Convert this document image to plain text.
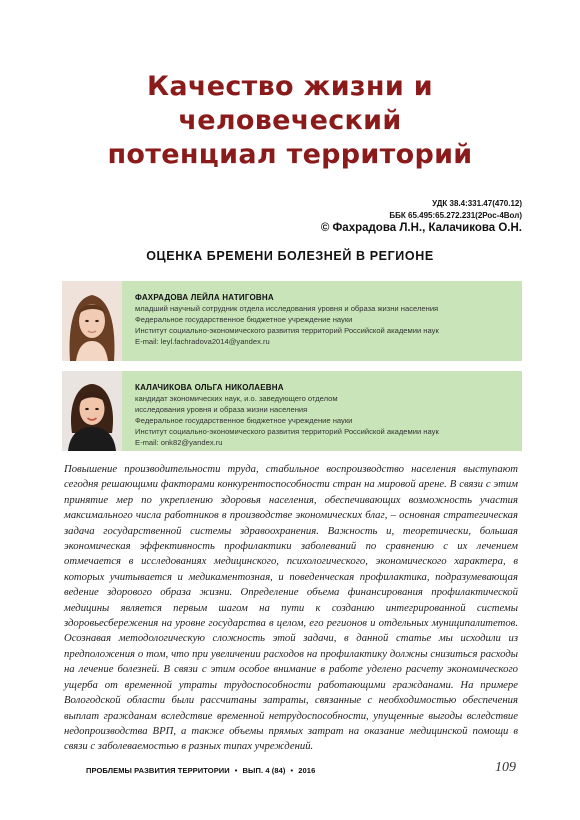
Качество жизни и человеческий
потенциал территорий
УДК 38.4:331.47(470.12)
ББК 65.495:65.272.231(2Рос-4Вол)
© Фахрадова Л.Н., Калачикова О.Н.
ОЦЕНКА БРЕМЕНИ БОЛЕЗНЕЙ В РЕГИОНЕ
ФАХРАДОВА ЛЕЙЛА НАТИГОВНА
младший научный сотрудник отдела исследования уровня и образа жизни населения
Федеральное государственное бюджетное учреждение науки
Институт социально-экономического развития территорий Российской академии наук
E-mail: leyl.fachradova2014@yandex.ru
КАЛАЧИКОВА ОЛЬГА НИКОЛАЕВНА
кандидат экономических наук, и.о. заведующего отделом
исследования уровня и образа жизни населения
Федеральное государственное бюджетное учреждение науки
Институт социально-экономического развития территорий Российской академии наук
E-mail: onk82@yandex.ru
Повышение производительности труда, стабильное воспроизводство населения выступают сегодня решающими факторами конкурентоспособности стран на мировой арене. В связи с этим принятие мер по укреплению здоровья населения, обеспечивающих возможность участия максимального числа работников в производстве экономических благ, – основная стратегическая задача государственной системы здравоохранения. Важность и, теоретически, большая экономическая эффективность профилактики заболеваний по сравнению с их лечением отмечается в исследованиях медицинского, психологического, экономического характера, в которых учитывается и медикаментозная, и поведенческая профилактика, подразумевающая ведение здорового образа жизни. Определение объема финансирования профилактической медицины является первым шагом на пути к созданию интегрированной системы здоровьесбережения на уровне государства в целом, его регионов и отдельных муниципалитетов. Осознавая методологическую сложность этой задачи, в данной статье мы исходили из предположения о том, что при увеличении расходов на профилактику должны снизиться расходы на лечение болезней. В связи с этим особое внимание в работе уделено расчету экономического ущерба от временной утраты трудоспособности работающими гражданами. На примере Вологодской области были рассчитаны затраты, связанные с необходимостью обеспечения выплат гражданам вследствие временной нетрудоспособности, упущенные выгоды вследствие недопроизводства ВРП, а также объемы прямых затрат на оказание медицинской помощи в связи с заболеваемостью в разных типах учреждений.
ПРОБЛЕМЫ РАЗВИТИЯ ТЕРРИТОРИИ • ВЫП. 4 (84) • 2016	109
